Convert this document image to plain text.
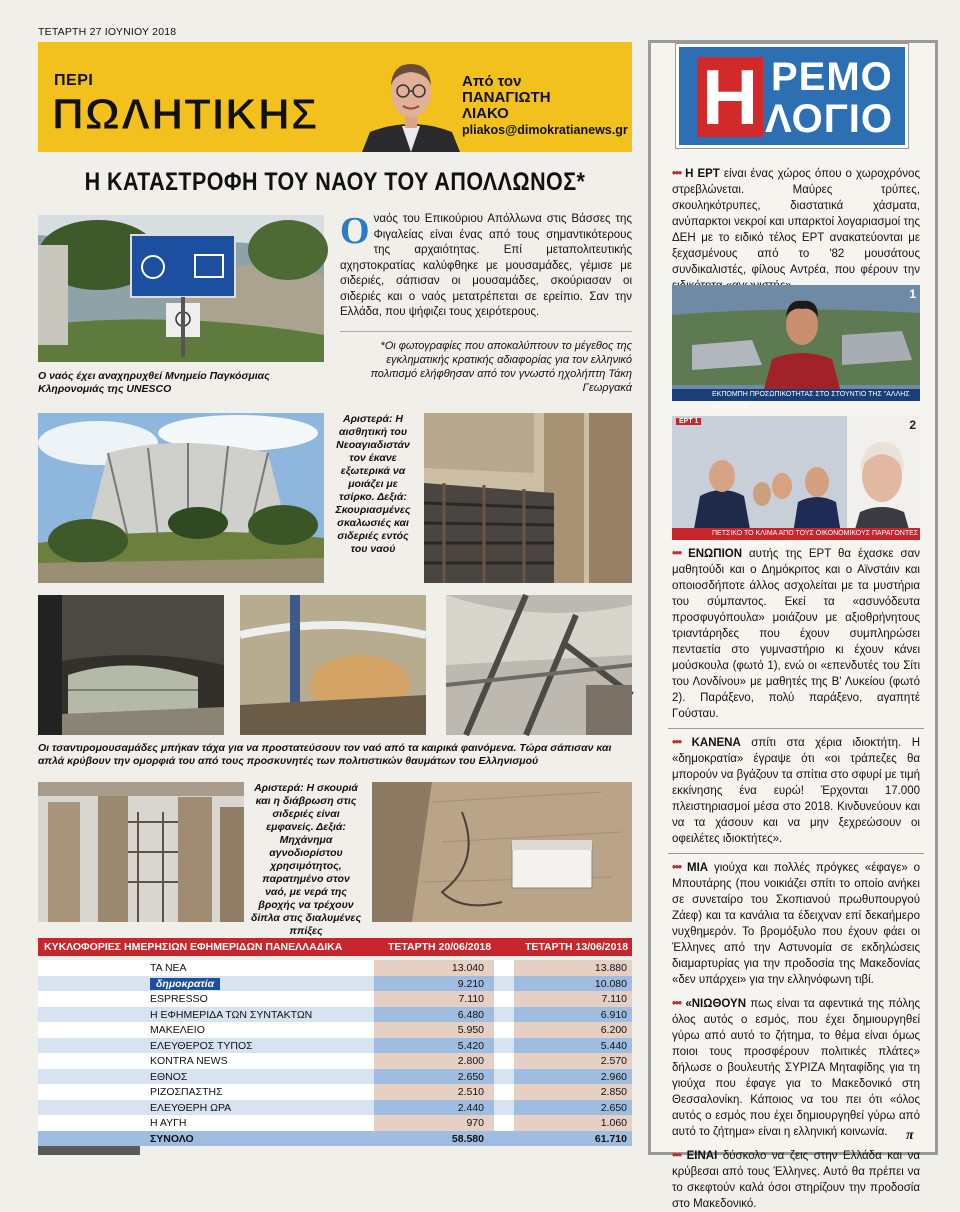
ΤΕΤΑΡΤΗ 27 ΙΟΥΝΙΟΥ 2018
ΠΕΡΙ
ΠΩΛΗΤΙΚΗΣ
Από τον
ΠΑΝΑΓΙΩΤΗ
ΛΙΑΚΟ
pliakos@dimokratianews.gr
Η ΚΑΤΑΣΤΡΟΦΗ ΤΟΥ ΝΑΟΥ ΤΟΥ ΑΠΟΛΛΩΝΟΣ*
Ο ναός του Επικούριου Απόλλωνα στις Βάσσες της Φιγαλείας είναι ένας από τους σημαντικότερους της αρχαιότητας. Επί μεταπολιτευτικής αχηστοκρατίας καλύφθηκε με μουσαμάδες, γέμισε με σιδεριές, σάπισαν οι μουσαμάδες, σκούριασαν οι σιδεριές και ο ναός μετατρέπεται σε ερείπιο. Σαν την Ελλάδα, που ψήφιζει τους χειρότερους.
*Οι φωτογραφίες που αποκαλύπτουν το μέγεθος της εγκληματικής κρατικής αδιαφορίας για τον ελληνικό πολιτισμό ελήφθησαν από τον γνωστό ηχολήπτη Τάκη Γεωργακά
Ο ναός έχει αναχηρυχθεί Μνημείο Παγκόσμιας Κληρονομιάς της UNESCO
Αριστερά: Η αισθητική του Νεοαγιαδιστάν τον έκανε εξωτερικά να μοιάζει με τσίρκο. Δεξιά: Σκουριασμένες σκαλωσιές και σιδεριές εντός του ναού
Οι τσαντιρομουσαμάδες μπήκαν τάχα για να προστατεύσουν τον ναό από τα καιρικά φαινόμενα. Τώρα σάπισαν και απλά κρύβουν την ομορφιά του από τους προσκυνητές των πολιτιστικών θαυμάτων του Ελληνισμού
Αριστερά: Η σκουριά και η διάβρωση στις σιδεριές είναι εμφανείς. Δεξιά: Μηχάνημα αγνοδιορίστου χρησιμότητος, παρατημένο στον ναό, με νερά της βροχής να τρέχουν δίπλα στις διαλυμένες ππίξες
ΚΥΚΛΟΦΟΡΙΕΣ ΗΜΕΡΗΣΙΩΝ ΕΦΗΜΕΡΙΔΩΝ ΠΑΝΕΛΛΑΔΙΚΑ	ΤΕΤΑΡΤΗ 20/06/2018	ΤΕΤΑΡΤΗ 13/06/2018
ΤΑ ΝΕΑ	13.040	13.880
δημοκρατία	9.210	10.080
ESPRESSO	7.110	7.110
Η ΕΦΗΜΕΡΙΔΑ ΤΩΝ ΣΥΝΤΑΚΤΩΝ	6.480	6.910
ΜΑΚΕΛΕΙΟ	5.950	6.200
ΕΛΕΥΘΕΡΟΣ ΤΥΠΟΣ	5.420	5.440
KONTRA NEWS	2.800	2.570
ΕΘΝΟΣ	2.650	2.960
ΡΙΖΟΣΠΑΣΤΗΣ	2.510	2.850
ΕΛΕΥΘΕΡΗ ΩΡΑ	2.440	2.650
Η ΑΥΓΗ	970	1.060
ΣΥΝΟΛΟ	58.580	61.710
Η ΡΕΜΟ
ΛΟΓΙΟ
••• Η ΕΡΤ είναι ένας χώρος όπου ο χωροχρόνος στρεβλώνεται. Μαύρες τρύπες, σκουληκότρυπες, διαστατικά χάσματα, ανύπαρκτοι νεκροί και υπαρκτοί λογαριασμοί της ΔΕΗ με το ειδικό τέλος ΕΡΤ ανακατεύονται με ξεχασμένους από το '82 μουσάτους συνδικαλιστές, φίλους Αντρέα, που φέρουν την
ΕΚΠΟΜΠΗ ΠΡΟΣΩΠΙΚΟΤΗΤΑΣ ΣΤΟ ΣΤΟΥΝΤΙΟ ΤΗΣ "ΑΛΛΗΣ ΔΙΑΣΤΑΣΗΣ"
1
ΕΡΤ 1
ΠΕΤΣΙΚΟ ΤΟ ΚΛΙΜΑ ΑΠΟ ΤΟΥΣ ΟΙΚΟΝΟΜΙΚΟΥΣ ΠΑΡΑΓΟΝΤΕΣ ΣΤΟ ΣΤΙΛΠΝΙ ΛΟΝΔΙΝΟΥ
2
••• ΕΝΩΠΙΟΝ αυτής της ΕΡΤ θα έχασκε σαν μαθητούδι και ο Δημόκριτος και ο Αϊνστάιν και οποιοσδήποτε άλλος ασχολείται με τα μυστήρια του σύμπαντος. Εκεί τα «ασυνόδευτα προσφυγόπουλα» μοιάζουν με αξιοθρήνητους τριαντάρηδες που έχουν συμπληρώσει πενταετία στο γυμναστήριο κι έχουν κάνει μούσκουλα (φωτό 1), ενώ οι «επενδυτές του Σίτι του Λονδίνου» με μαθητές της Β' Λυκείου (φωτό 2). Παράξενο, πολύ παράξενο, αγαπητέ Γούσταυ.
••• ΚΑΝΕΝΑ σπίτι στα χέρια ιδιοκτήτη. Η «δημοκρατία» έγραψε ότι «οι τράπεζες θα μπορούν να βγάζουν τα σπίτια στο σφυρί με τιμή εκκίνησης ένα ευρώ! Έρχονται 17.000 πλειστηριασμοί μέσα στο 2018. Κινδυνεύουν και να τα χάσουν και να μην ξεχρεώσουν οι οφειλέτες ιδιοκτήτες».
••• ΜΙΑ γιούχα και πολλές πρόγκες «έφαγε» ο Μπουτάρης (που νοικιάζει σπίτι το οποίο ανήκει σε συνεταίρο του Σκοπιανού πρωθυπουργού Ζάεφ) και τα κανάλια τα έδειχναν επί δεκαήμερο νυχθημερόν. Το βρομόξυλο που έχουν φάει οι Έλληνες από την Αστυνομία σε εκδηλώσεις διαμαρτυρίας για την προδοσία της Μακεδονίας «δεν υπάρχει» για την ελληνόφωνη τιβί.
••• «ΝΙΩΘΟΥΝ πως είναι τα αφεντικά της πόλης όλος αυτός ο εσμός, που έχει δημιουργηθεί γύρω από αυτό το ζήτημα, το θέμα είναι όμως ποιοι τους προσφέρουν πολιτικές πλάτες» δήλωσε ο βουλευτής ΣΥΡΙΖΑ Μηταφίδης για τη γιούχα που έφαγε για το Μακεδονικό στη Θεσσαλονίκη. Κάποιος να του πει ότι «όλος αυτός ο εσμός που έχει δημιουργηθεί γύρω από αυτό το ζήτημα» είναι η ελληνική κοινωνία.
••• ΕΙΝΑΙ δύσκολο να ζεις στην Ελλάδα και να κρύβεσαι από τους Έλληνες. Αυτό θα πρέπει να το σκεφτούν καλά όσοι στηρίζουν την προδοσία στο Μακεδονικό.
π
